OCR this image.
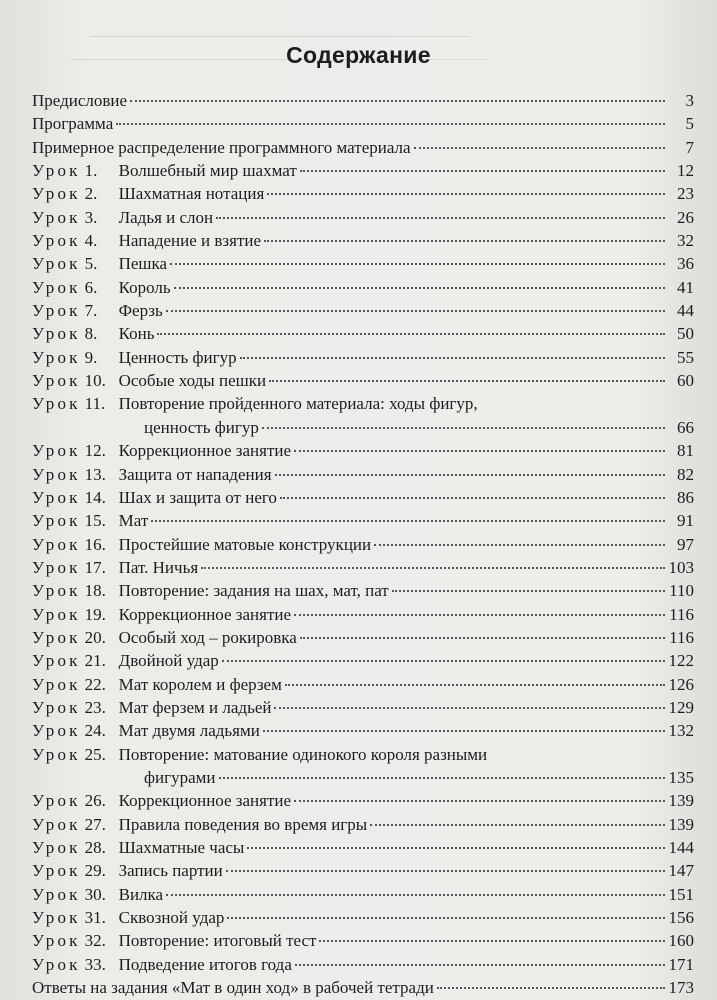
Содержание
Предисловие	3
Программа	5
Примерное распределение программного материала	7
Урок 1.	Волшебный мир шахмат	12
Урок 2.	Шахматная нотация	23
Урок 3.	Ладья и слон	26
Урок 4.	Нападение и взятие	32
Урок 5.	Пешка	36
Урок 6.	Король	41
Урок 7.	Ферзь	44
Урок 8.	Конь	50
Урок 9.	Ценность фигур	55
Урок 10. Особые ходы пешки	60
Урок 11. Повторение пройденного материала: ходы фигур,
ценность фигур	66
Урок 12. Коррекционное занятие	81
Урок 13. Защита от нападения	82
Урок 14. Шах и защита от него	86
Урок 15. Мат	91
Урок 16. Простейшие матовые конструкции	97
Урок 17. Пат. Ничья	103
Урок 18. Повторение: задания на шах, мат, пат	110
Урок 19. Коррекционное занятие	116
Урок 20. Особый ход – рокировка	116
Урок 21. Двойной удар	122
Урок 22. Мат королем и ферзем	126
Урок 23. Мат ферзем и ладьей	129
Урок 24. Мат двумя ладьями	132
Урок 25. Повторение: матование одинокого короля разными
фигурами	135
Урок 26. Коррекционное занятие	139
Урок 27. Правила поведения во время игры	139
Урок 28. Шахматные часы	144
Урок 29. Запись партии	147
Урок 30. Вилка	151
Урок 31. Сквозной удар	156
Урок 32. Повторение: итоговый тест	160
Урок 33. Подведение итогов года	171
Ответы на задания «Мат в один ход» в рабочей тетради	173
